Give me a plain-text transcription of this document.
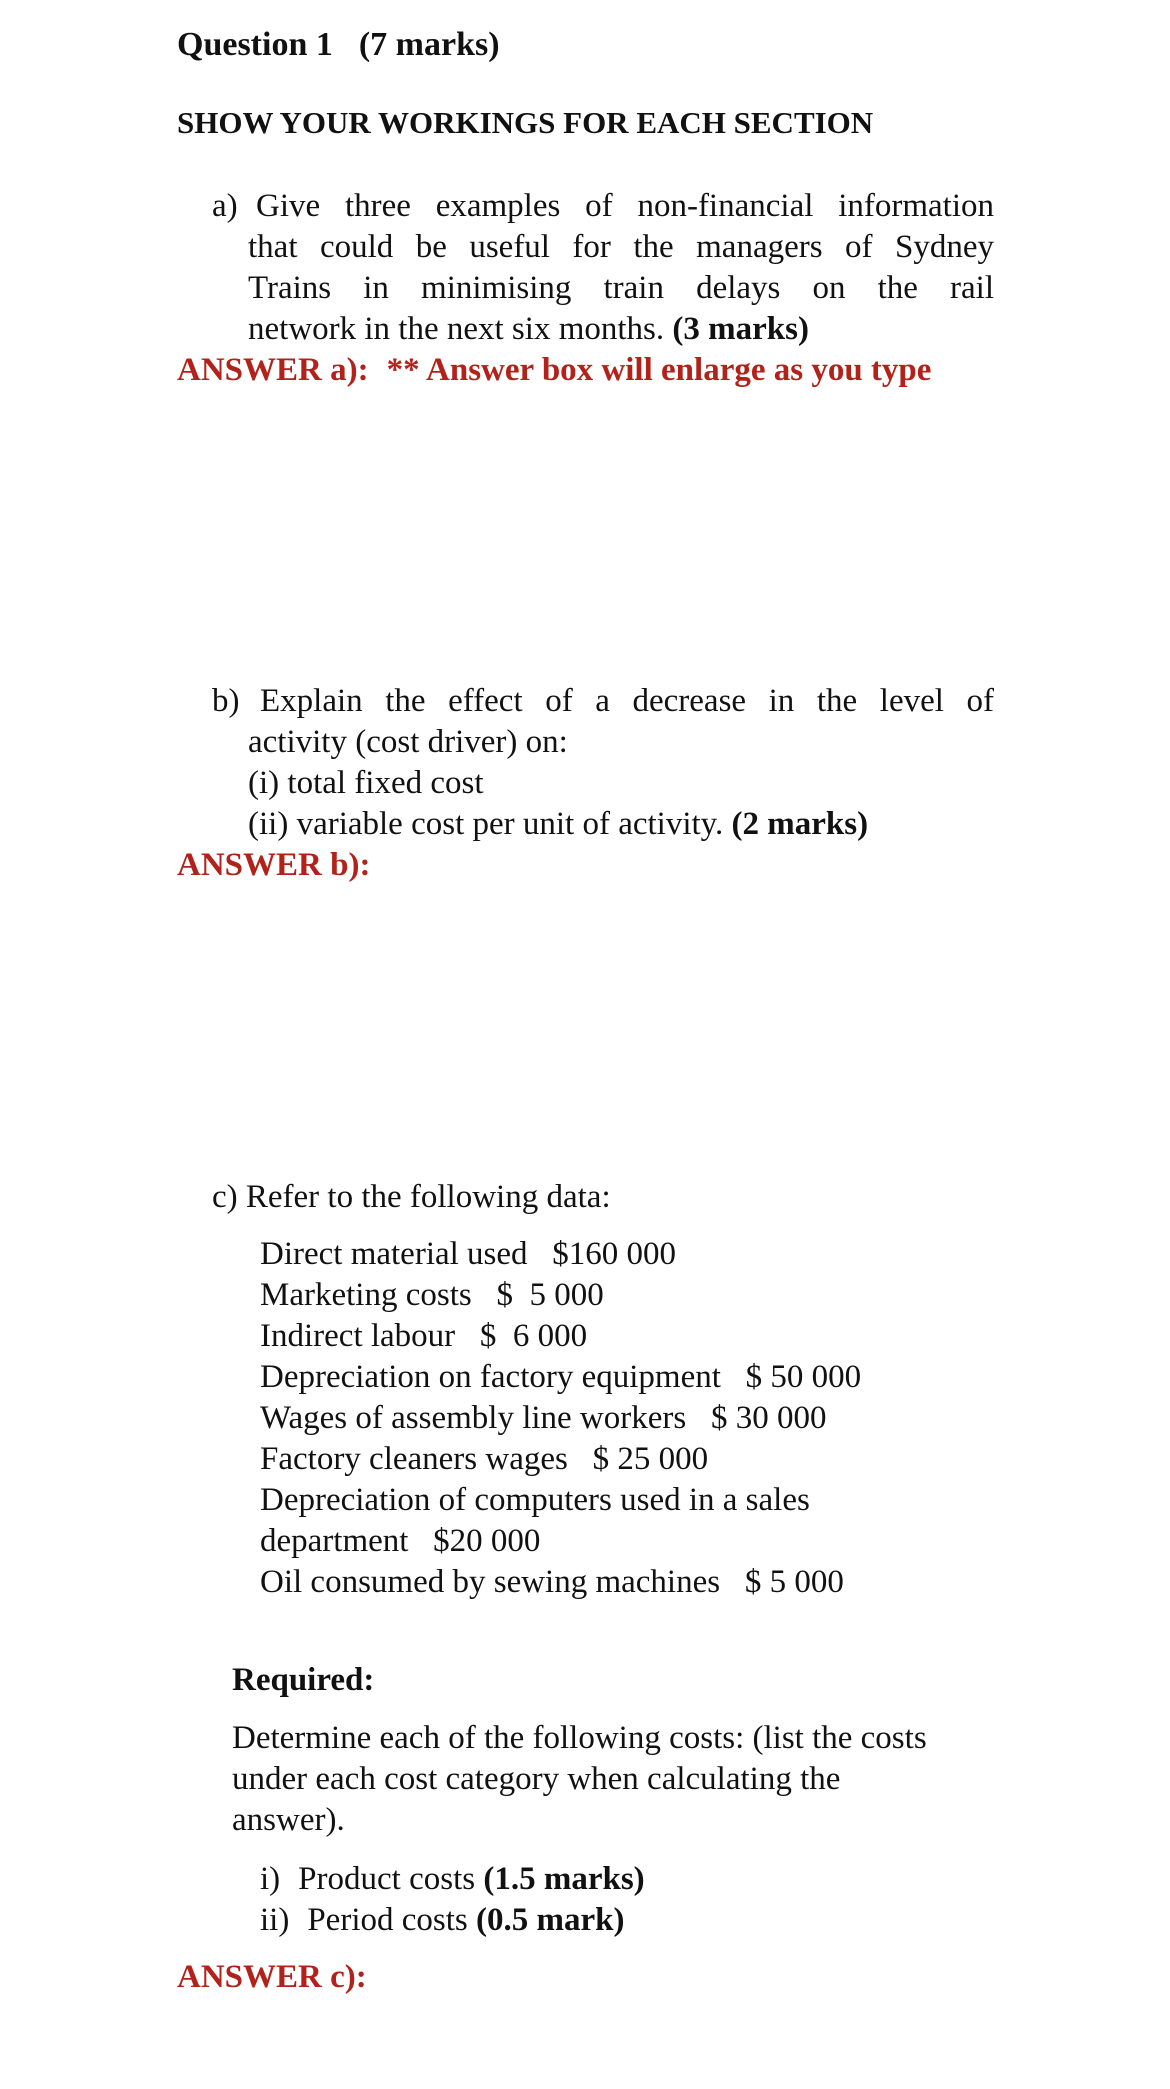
Question 1 (7 marks)
SHOW YOUR WORKINGS FOR EACH SECTION
a) Give three examples of non-financial information
that could be useful for the managers of Sydney
Trains in minimising train delays on the rail
network in the next six months. (3 marks)
ANSWER a): ** Answer box will enlarge as you type
b) Explain the effect of a decrease in the level of
activity (cost driver) on:
(i) total fixed cost
(ii) variable cost per unit of activity. (2 marks)
ANSWER b):
c) Refer to the following data:
Direct material used   $160 000
Marketing costs   $  5 000
Indirect labour   $  6 000
Depreciation on factory equipment   $ 50 000
Wages of assembly line workers   $ 30 000
Factory cleaners wages   $ 25 000
Depreciation of computers used in a sales
department   $20 000
Oil consumed by sewing machines   $ 5 000
Required:
Determine each of the following costs: (list the costs
under each cost category when calculating the
answer).
i) Product costs (1.5 marks)
ii) Period costs (0.5 mark)
ANSWER c):
